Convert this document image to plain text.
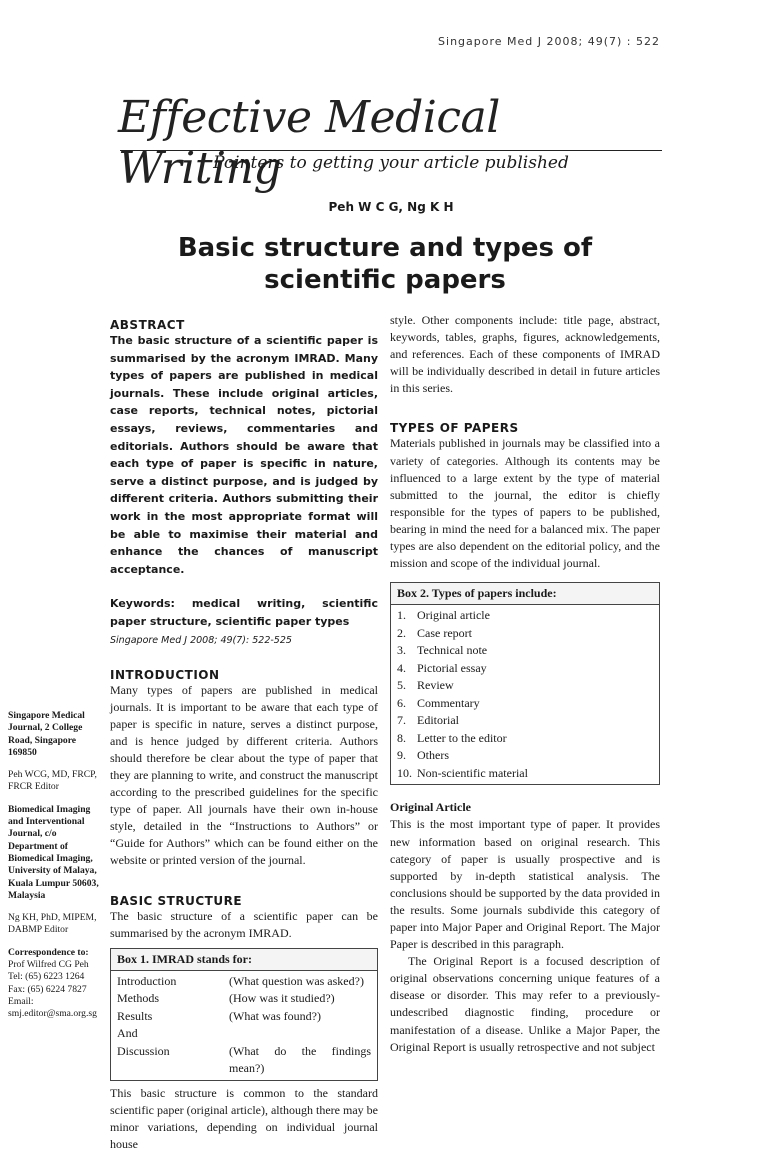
Singapore Med J 2008; 49(7) : 522
Effective Medical Writing
Pointers to getting your article published
Peh W C G, Ng K H
Basic structure and types of scientific papers
Singapore Medical Journal, 2 College Road, Singapore 169850
Peh WCG, MD, FRCP, FRCR Editor
Biomedical Imaging and Interventional Journal, c/o Department of Biomedical Imaging, University of Malaya, Kuala Lumpur 50603, Malaysia
Ng KH, PhD, MIPEM, DABMP Editor
Correspondence to: Prof Wilfred CG Peh Tel: (65) 6223 1264 Fax: (65) 6224 7827 Email: smj.editor@sma.org.sg
ABSTRACT

The basic structure of a scientific paper is summarised by the acronym IMRAD. Many types of papers are published in medical journals. These include original articles, case reports, technical notes, pictorial essays, reviews, commentaries and editorials. Authors should be aware that each type of paper is specific in nature, serve a distinct purpose, and is judged by different criteria. Authors submitting their work in the most appropriate format will be able to maximise their material and enhance the chances of manuscript acceptance.

Keywords: medical writing, scientific paper structure, scientific paper types

Singapore Med J 2008; 49(7): 522-525

INTRODUCTION

Many types of papers are published in medical journals. It is important to be aware that each type of paper is specific in nature, serves a distinct purpose, and is hence judged by different criteria. Authors should therefore be clear about the type of paper that they are planning to write, and construct the manuscript according to the prescribed guidelines for the specific type of paper. All journals have their own in-house style, detailed in the “Instructions to Authors” or “Guide for Authors” which can be found either on the website or printed version of the journal.

BASIC STRUCTURE

The basic structure of a scientific paper can be summarised by the acronym IMRAD.

Box 1. IMRAD stands for:
Introduction	(What question was asked?)
Methods	(How was it studied?)
Results	(What was found?)
And	
Discussion	(What do the findings mean?)

This basic structure is common to the standard scientific paper (original article), although there may be minor variations, depending on individual journal house

style. Other components include: title page, abstract, keywords, tables, graphs, figures, acknowledgements, and references. Each of these components of IMRAD will be individually described in detail in future articles in this series.

TYPES OF PAPERS

Materials published in journals may be classified into a variety of categories. Although its contents may be influenced to a large extent by the type of material submitted to the journal, the editor is chiefly responsible for the types of papers to be published, bearing in mind the need for a balanced mix. The paper types are also dependent on the editorial policy, and the mission and scope of the individual journal.

Box 2. Types of papers include:
1.	Original article
2.	Case report
3.	Technical note
4.	Pictorial essay
5.	Review
6.	Commentary
7.	Editorial
8.	Letter to the editor
9.	Others
10.	Non-scientific material
Original Article

This is the most important type of paper. It provides new information based on original research. This category of paper is usually prospective and is supported by in-depth statistical analysis. The conclusions should be supported by the data provided in the results. Some journals subdivide this category of paper into Major Paper and Original Report. The Major Paper is described in this paragraph.

The Original Report is a focused description of original observations concerning unique features of a disease or disorder. This may refer to a previously-undescribed diagnostic finding, procedure or manifestation of a disease. Unlike a Major Paper, the Original Report is usually retrospective and not subject
